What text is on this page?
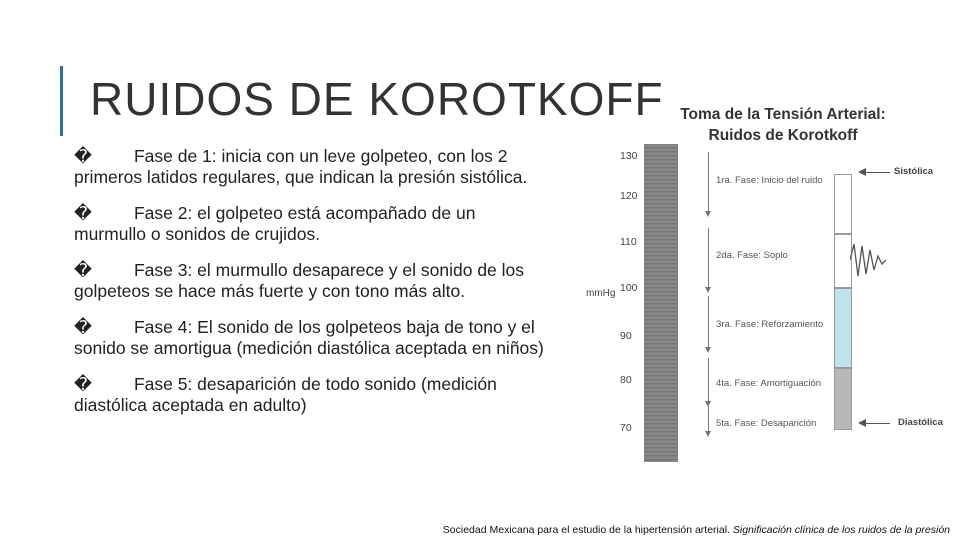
RUIDOS DE KOROTKOFF

� Fase de 1: inicia con un leve golpeteo, con los 2 primeros latidos regulares, que indican la presión sistólica.

� Fase 2: el golpeteo está acompañado de un murmullo o sonidos de crujidos.

� Fase 3: el murmullo desaparece y el sonido de los golpeteos se hace más fuerte y con tono más alto.

� Fase 4: El sonido de los golpeteos baja de tono y el sonido se amortigua (medición diastólica aceptada en niños)

� Fase 5: desaparición de todo sonido (medición diastólica aceptada en adulto)

Toma de la Tensión Arterial:
Ruidos de Korotkoff
130
120
110
100
90
80
70
mmHg
1ra. Fase: Inicio del ruido
2da. Fase: Soplo
3ra. Fase: Reforzamiento
4ta. Fase: Amortiguación
5ta. Fase: Desaparición
Sistólica
Diastólica
Sociedad Mexicana para el estudio de la hipertensión arterial. Significación clínica de los ruidos de la presión
